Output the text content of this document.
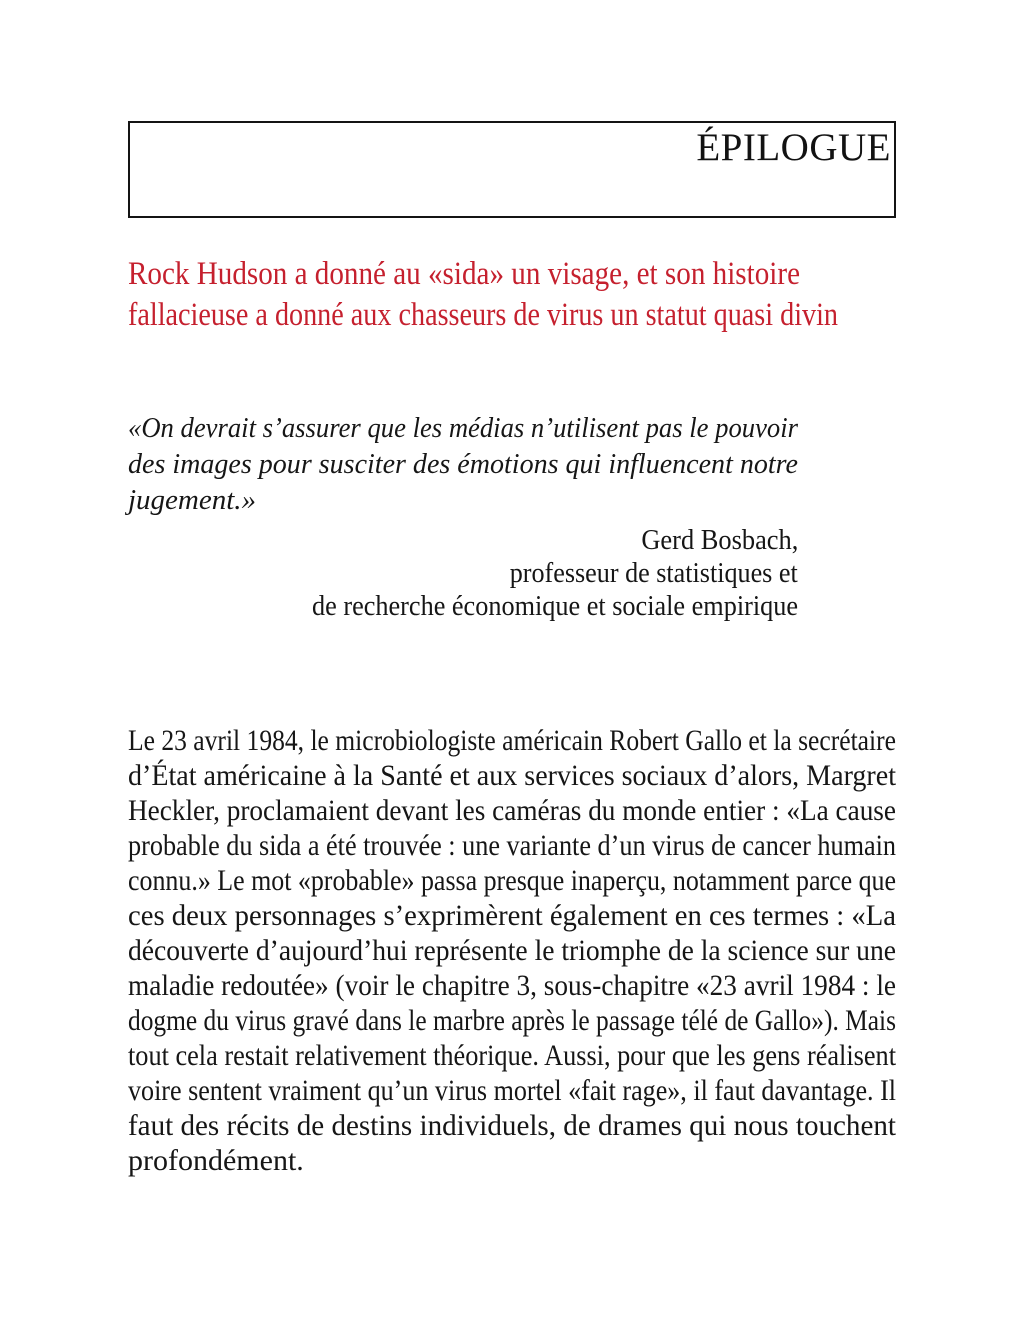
ÉPILOGUE
Rock Hudson a donné au «sida» un visage, et son histoire
fallacieuse a donné aux chasseurs de virus un statut quasi divin
«On devrait s’assurer que les médias n’utilisent pas le pouvoir
des images pour susciter des émotions qui influencent notre
jugement.»
Gerd Bosbach,
professeur de statistiques et
de recherche économique et sociale empirique
Le 23 avril 1984, le microbiologiste américain Robert Gallo et la secrétaire
d’État américaine à la Santé et aux services sociaux d’alors, Margret
Heckler, proclamaient devant les caméras du monde entier : «La cause
probable du sida a été trouvée : une variante d’un virus de cancer humain
connu.» Le mot «probable» passa presque inaperçu, notamment parce que
ces deux personnages s’exprimèrent également en ces termes : «La
découverte d’aujourd’hui représente le triomphe de la science sur une
maladie redoutée» (voir le chapitre 3, sous-chapitre «23 avril 1984 : le
dogme du virus gravé dans le marbre après le passage télé de Gallo»). Mais
tout cela restait relativement théorique. Aussi, pour que les gens réalisent
voire sentent vraiment qu’un virus mortel «fait rage», il faut davantage. Il
faut des récits de destins individuels, de drames qui nous touchent
profondément.
